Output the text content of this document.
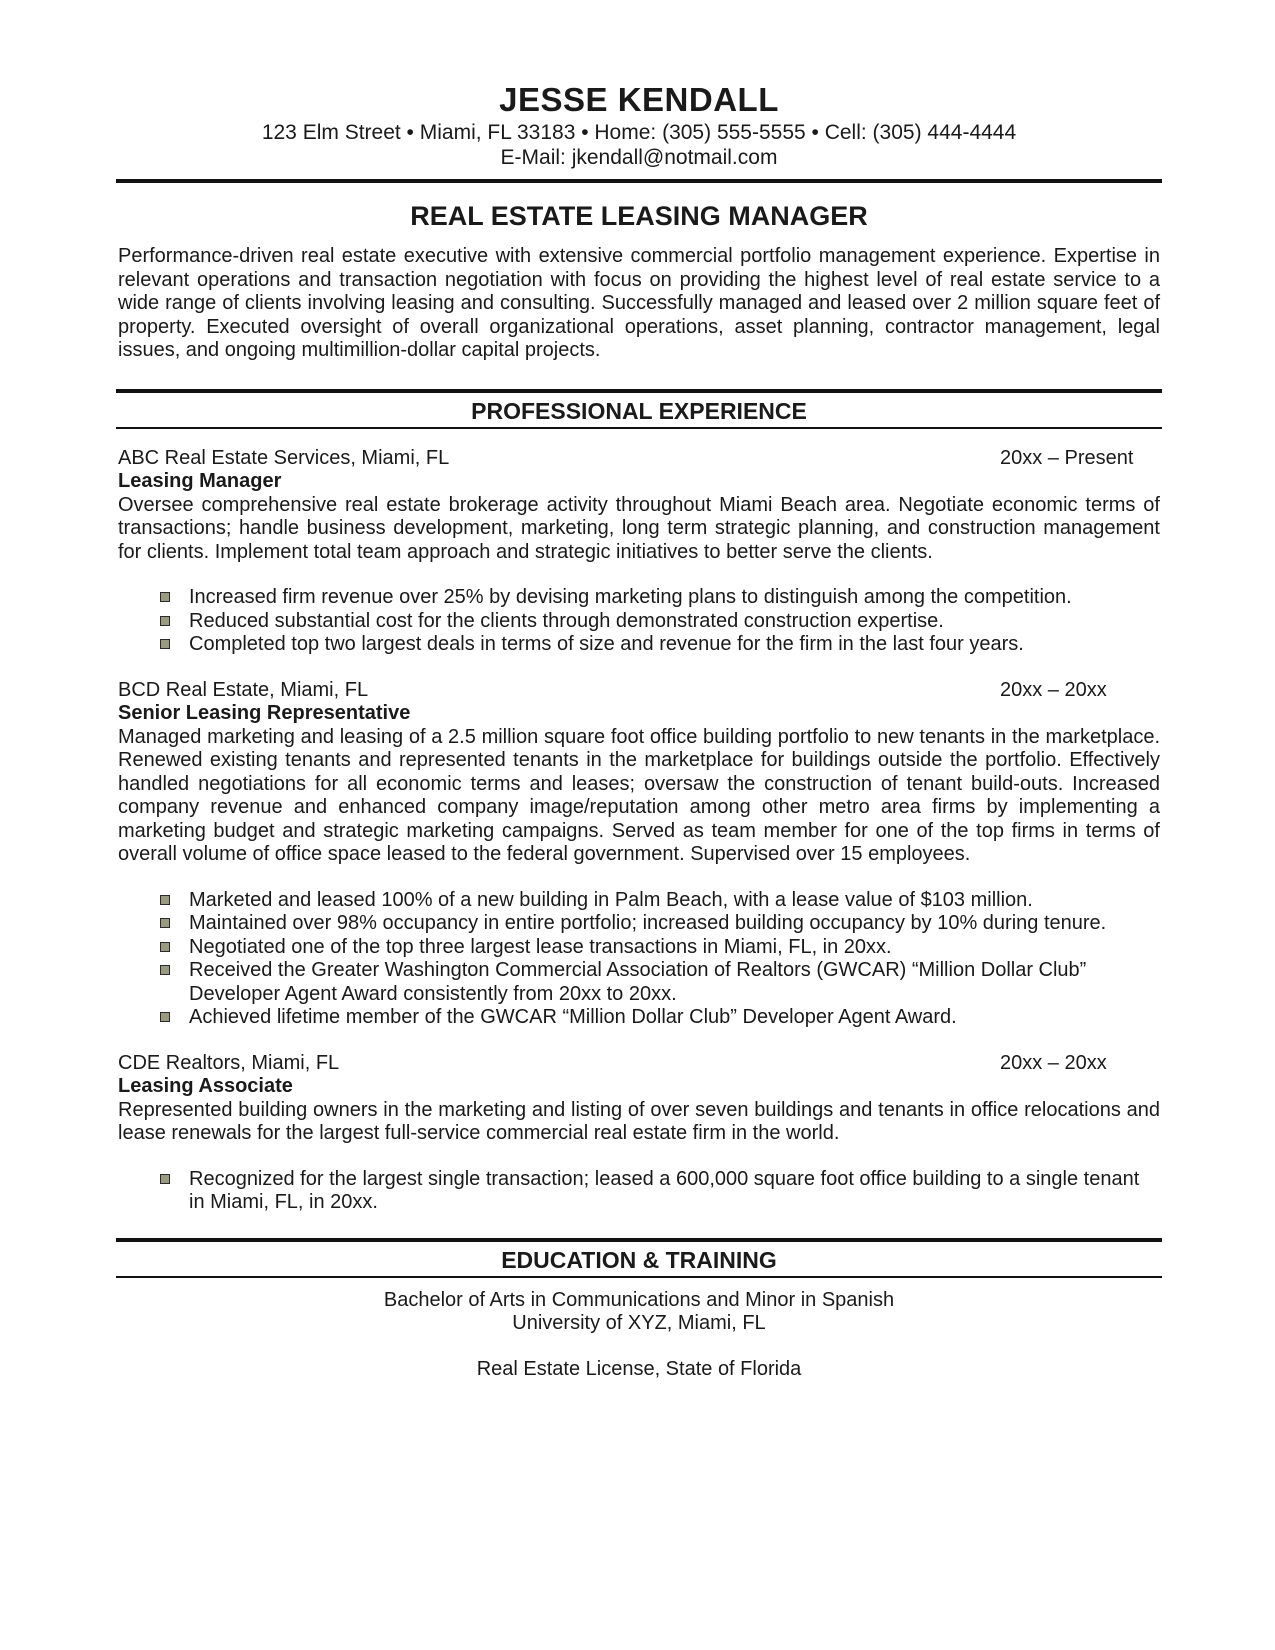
JESSE KENDALL

123 Elm Street • Miami, FL 33183 • Home: (305) 555-5555 • Cell: (305) 444-4444

E-Mail: jkendall@notmail.com

REAL ESTATE LEASING MANAGER

Performance-driven real estate executive with extensive commercial portfolio management experience. Expertise in relevant operations and transaction negotiation with focus on providing the highest level of real estate service to a wide range of clients involving leasing and consulting. Successfully managed and leased over 2 million square feet of property. Executed oversight of overall organizational operations, asset planning, contractor management, legal issues, and ongoing multimillion-dollar capital projects.

PROFESSIONAL EXPERIENCE
ABC Real Estate Services, Miami, FL	20xx – Present
Leasing Manager

Oversee comprehensive real estate brokerage activity throughout Miami Beach area. Negotiate economic terms of transactions; handle business development, marketing, long term strategic planning, and construction management for clients. Implement total team approach and strategic initiatives to better serve the clients.

Increased firm revenue over 25% by devising marketing plans to distinguish among the competition.
Reduced substantial cost for the clients through demonstrated construction expertise.
Completed top two largest deals in terms of size and revenue for the firm in the last four years.
BCD Real Estate, Miami, FL	20xx – 20xx
Senior Leasing Representative

Managed marketing and leasing of a 2.5 million square foot office building portfolio to new tenants in the marketplace. Renewed existing tenants and represented tenants in the marketplace for buildings outside the portfolio. Effectively handled negotiations for all economic terms and leases; oversaw the construction of tenant build-outs. Increased company revenue and enhanced company image/reputation among other metro area firms by implementing a marketing budget and strategic marketing campaigns. Served as team member for one of the top firms in terms of overall volume of office space leased to the federal government. Supervised over 15 employees.

Marketed and leased 100% of a new building in Palm Beach, with a lease value of $103 million.
Maintained over 98% occupancy in entire portfolio; increased building occupancy by 10% during tenure.
Negotiated one of the top three largest lease transactions in Miami, FL, in 20xx.
Received the Greater Washington Commercial Association of Realtors (GWCAR) “Million Dollar Club” Developer Agent Award consistently from 20xx to 20xx.
Achieved lifetime member of the GWCAR “Million Dollar Club” Developer Agent Award.
CDE Realtors, Miami, FL	20xx – 20xx
Leasing Associate

Represented building owners in the marketing and listing of over seven buildings and tenants in office relocations and lease renewals for the largest full-service commercial real estate firm in the world.

Recognized for the largest single transaction; leased a 600,000 square foot office building to a single tenant in Miami, FL, in 20xx.
EDUCATION & TRAINING
Bachelor of Arts in Communications and Minor in Spanish
University of XYZ, Miami, FL
Real Estate License, State of Florida
